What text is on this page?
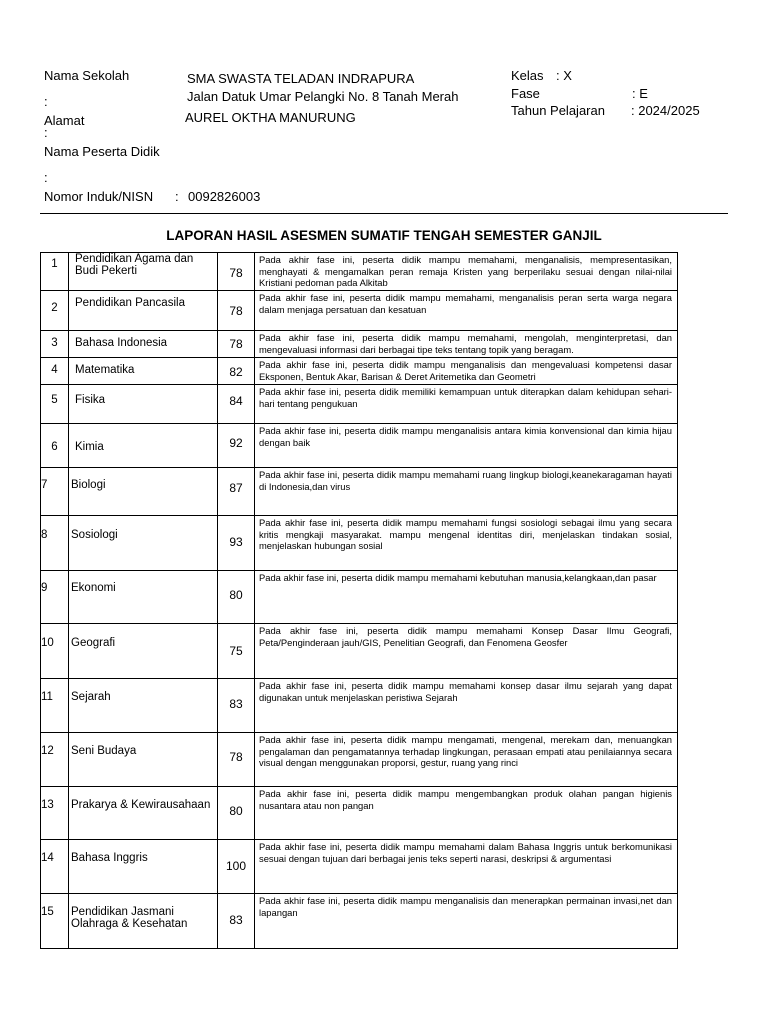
Nama Sekolah	SMA SWASTA TELADAN INDRAPURA
Jalan Datuk Umar Pelangki No. 8 Tanah Merah
:
AUREL OKTHA MANURUNG
Alamat
:
Nama Peserta Didik
:
Nomor Induk/NISN : 0092826003
Kelas : X
Fase	: E
Tahun Pelajaran : 2024/2025
LAPORAN HASIL ASESMEN SUMATIF TENGAH SEMESTER GANJIL
1	Pendidikan Agama dan Budi Pekerti	78	Pada akhir fase ini, peserta didik mampu memahami, menganalisis, mempresentasikan, menghayati & mengamalkan peran remaja Kristen yang berperilaku sesuai dengan nilai-nilai Kristiani pedoman pada Alkitab

2	Pendidikan Pancasila	78	Pada akhir fase ini, peserta didik mampu memahami, menganalisis peran serta warga negara dalam menjaga persatuan dan kesatuan

3	Bahasa Indonesia	78	Pada akhir fase ini, peserta didik mampu memahami, mengolah, menginterpretasi, dan mengevaluasi informasi dari berbagai tipe teks tentang topik yang beragam.

4	Matematika	82	Pada akhir fase ini, peserta didik mampu menganalisis dan mengevaluasi kompetensi dasar Eksponen, Bentuk Akar, Barisan & Deret Aritemetika dan Geometri

5	Fisika	84	Pada akhir fase ini, peserta didik memiliki kemampuan untuk diterapkan dalam kehidupan sehari-hari tentang pengukuan

6	Kimia	92	Pada akhir fase ini, peserta didik mampu menganalisis antara kimia konvensional dan kimia hijau dengan baik

7	Biologi	87	Pada akhir fase ini, peserta didik mampu memahami ruang lingkup biologi,keanekaragaman hayati di Indonesia,dan virus

8	Sosiologi	93	Pada akhir fase ini, peserta didik mampu memahami fungsi sosiologi sebagai ilmu yang secara kritis mengkaji masyarakat. mampu mengenal identitas diri, menjelaskan tindakan sosial, menjelaskan hubungan sosial

9	Ekonomi	80	Pada akhir fase ini, peserta didik mampu memahami kebutuhan manusia,kelangkaan,dan pasar

10	Geografi	75	Pada akhir fase ini, peserta didik mampu memahami Konsep Dasar Ilmu Geografi, Peta/Penginderaan jauh/GIS, Penelitian Geografi, dan Fenomena Geosfer

11	Sejarah	83	Pada akhir fase ini, peserta didik mampu memahami konsep dasar ilmu sejarah yang dapat digunakan untuk menjelaskan peristiwa Sejarah

12	Seni Budaya	78	Pada akhir fase ini, peserta didik mampu mengamati, mengenal, merekam dan, menuangkan pengalaman dan pengamatannya terhadap lingkungan, perasaan empati atau penilaiannya secara visual dengan menggunakan proporsi, gestur, ruang yang rinci

13	Prakarya & Kewirausahaan	80	Pada akhir fase ini, peserta didik mampu mengembangkan produk olahan pangan higienis nusantara atau non pangan

14	Bahasa Inggris	100	Pada akhir fase ini, peserta didik mampu memahami dalam Bahasa Inggris untuk berkomunikasi sesuai dengan tujuan dari berbagai jenis teks seperti narasi, deskripsi & argumentasi

15	Pendidikan Jasmani Olahraga & Kesehatan	83	Pada akhir fase ini, peserta didik mampu menganalisis dan menerapkan permainan invasi,net dan lapangan
